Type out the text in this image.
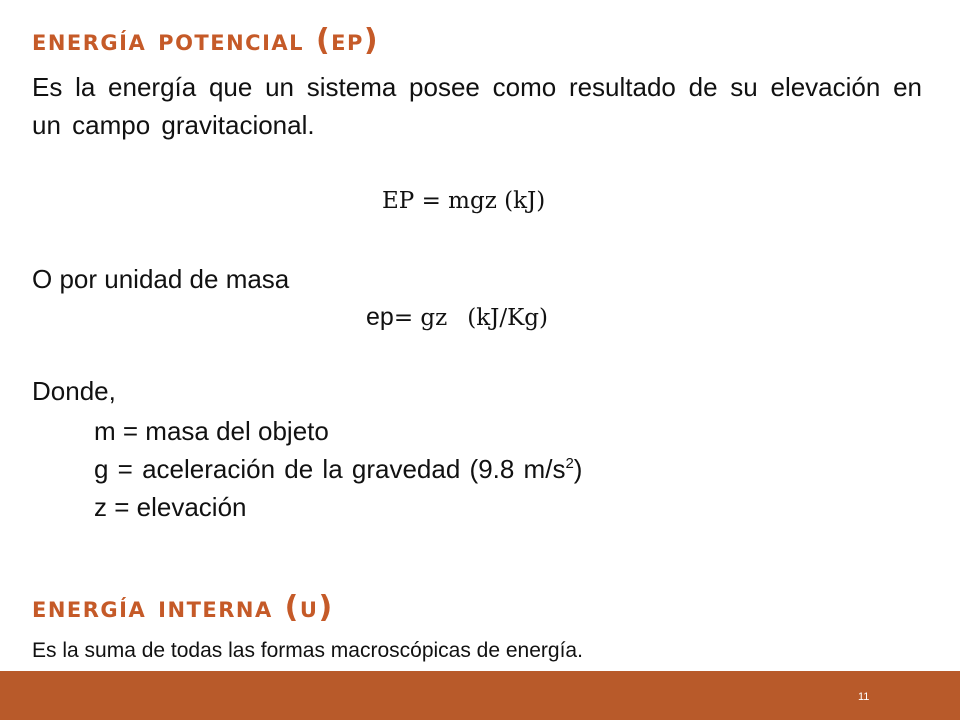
energía potencial (ep)
Es la energía que un sistema posee como resultado de su elevación en un campo gravitacional.
EP = mgz (kJ)
O por unidad de masa
ep= gz (kJ/Kg)
Donde,
m = masa del objeto
g = aceleración de la gravedad (9.8 $m/s^2$)
z = elevación
energía interna (u)
Es la suma de todas las formas macroscópicas de energía.
11
